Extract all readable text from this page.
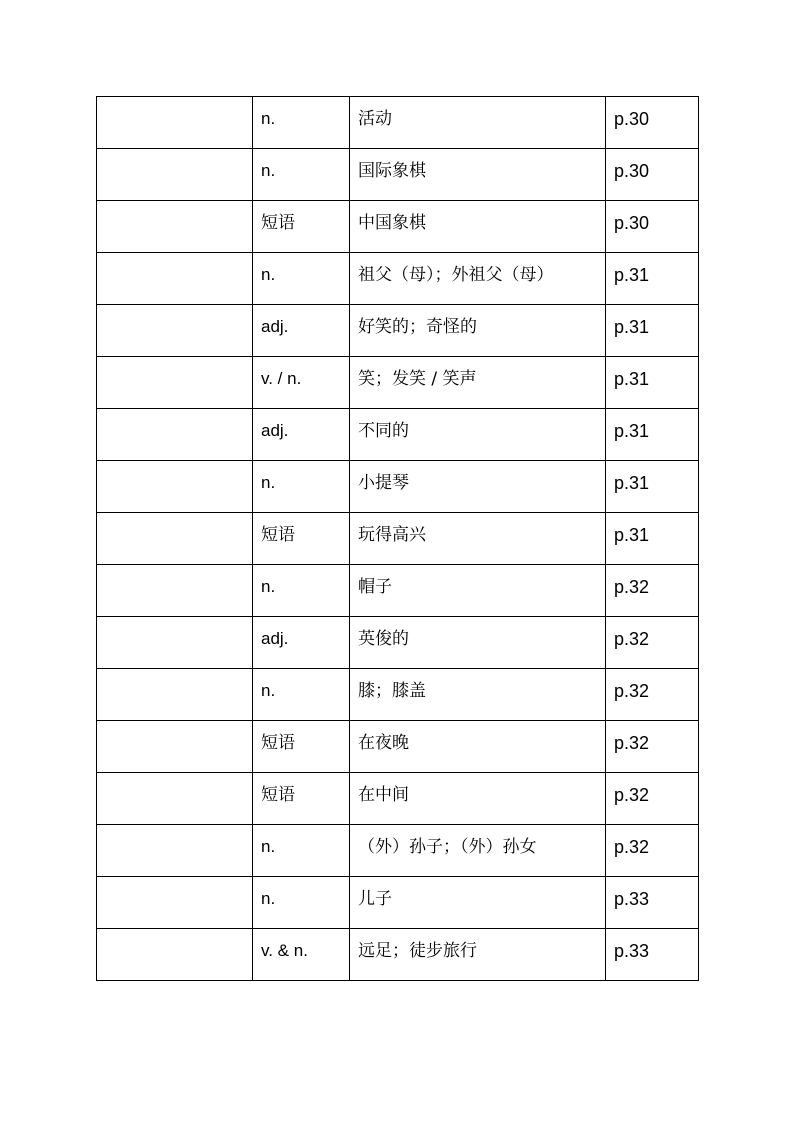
	n.	活动	p.30
	n.	国际象棋	p.30
	短语	中国象棋	p.30
	n.	祖父（母）；外祖父（母）	p.31
	adj.	好笑的；奇怪的	p.31
	v. / n.	笑；发笑 / 笑声	p.31
	adj.	不同的	p.31
	n.	小提琴	p.31
	短语	玩得高兴	p.31
	n.	帽子	p.32
	adj.	英俊的	p.32
	n.	膝；膝盖	p.32
	短语	在夜晚	p.32
	短语	在中间	p.32
	n.	（外）孙子；（外）孙女	p.32
	n.	儿子	p.33
	v. & n.	远足；徒步旅行	p.33
